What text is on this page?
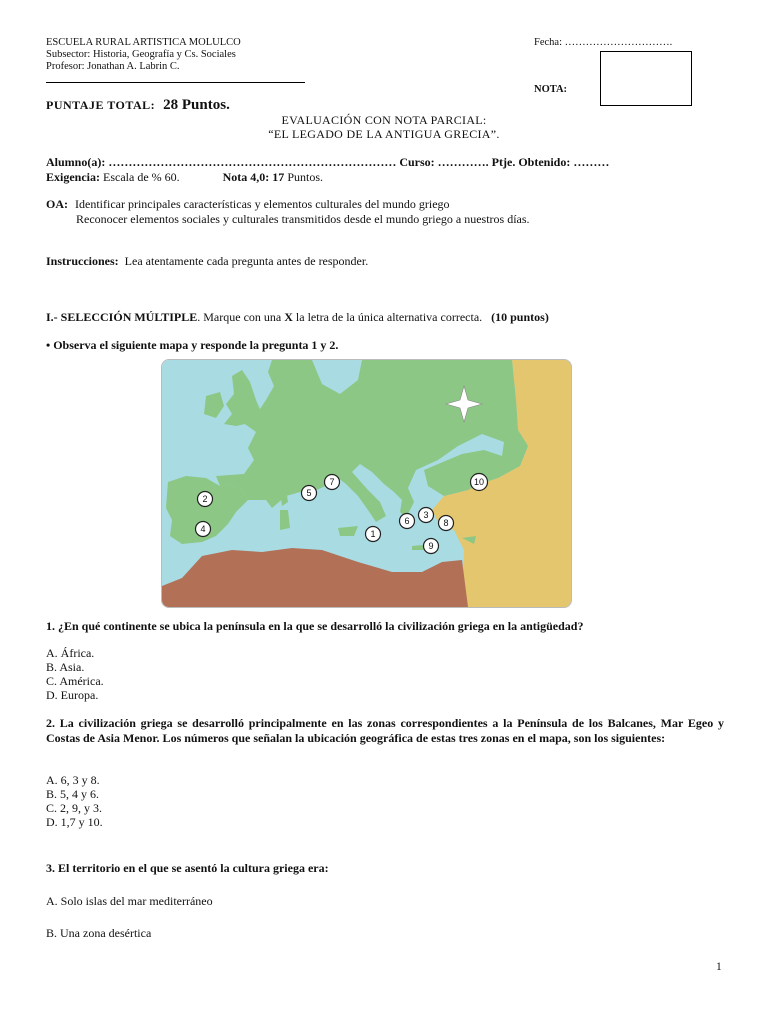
ESCUELA RURAL ARTISTICA MOLULCO
Subsector: Historia, Geografía y Cs. Sociales
Profesor: Jonathan A. Labrin C.
Fecha: ………………………….
NOTA:
PUNTAJE TOTAL: 28 Puntos.
EVALUACIÓN CON NOTA PARCIAL:
“EL LEGADO DE LA ANTIGUA GRECIA”.
Alumno(a): ……………………………………………………………… Curso: …………. Ptje. Obtenido: ………
Exigencia: Escala de % 60.	Nota 4,0: 17 Puntos.
OA: Identificar principales características y elementos culturales del mundo griego
Reconocer elementos sociales y culturales transmitidos desde el mundo griego a nuestros días.
Instrucciones: Lea atentamente cada pregunta antes de responder.
I.- SELECCIÓN MÚLTIPLE. Marque con una X la letra de la única alternativa correcta. (10 puntos)
• Observa el siguiente mapa y responde la pregunta 1 y 2.
1
2
3
4
5
6
7
8
9
10
1. ¿En qué continente se ubica la península en la que se desarrolló la civilización griega en la antigüedad?
A. África.
B. Asia.
C. América.
D. Europa.
2. La civilización griega se desarrolló principalmente en las zonas correspondientes a la Península de los Balcanes, Mar Egeo y Costas de Asia Menor. Los números que señalan la ubicación geográfica de estas tres zonas en el mapa, son los siguientes:
A. 6, 3 y 8.
B. 5, 4 y 6.
C. 2, 9, y 3.
D. 1,7 y 10.
3. El territorio en el que se asentó la cultura griega era:
A. Solo islas del mar mediterráneo
B. Una zona desértica
1
